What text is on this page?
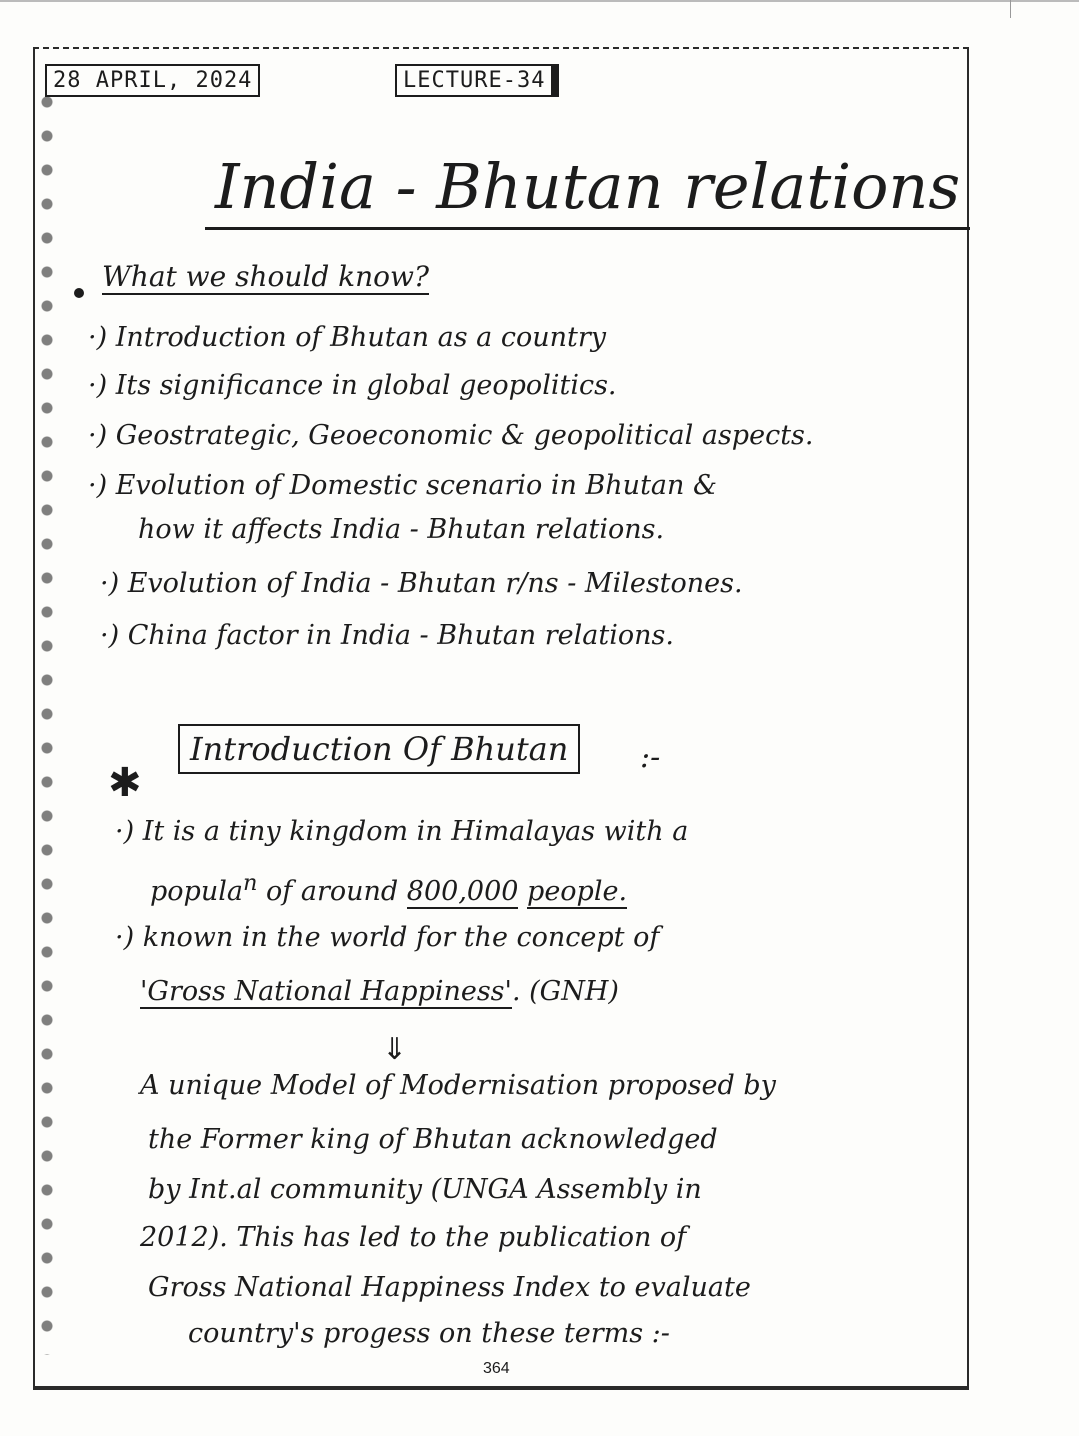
28 APRIL, 2024	LECTURE-34
India - Bhutan relations
What we should know?
·) Introduction of Bhutan as a country
·) Its significance in global geopolitics.
·) Geostrategic, Geoeconomic & geopolitical aspects.
·) Evolution of Domestic scenario in Bhutan &
how it affects India - Bhutan relations.
·) Evolution of India - Bhutan r/ns - Milestones.
·) China factor in India - Bhutan relations.
✱
Introduction Of Bhutan	:-
·) It is a tiny kingdom in Himalayas with a
popula$^n$ of around 800,000 people.
·) known in the world for the concept of
'Gross National Happiness'. (GNH)
⇓
A unique Model of Modernisation proposed by
the Former king of Bhutan acknowledged
by Int.al community (UNGA Assembly in
2012). This has led to the publication of
Gross National Happiness Index to evaluate
country's progess on these terms :-
364
